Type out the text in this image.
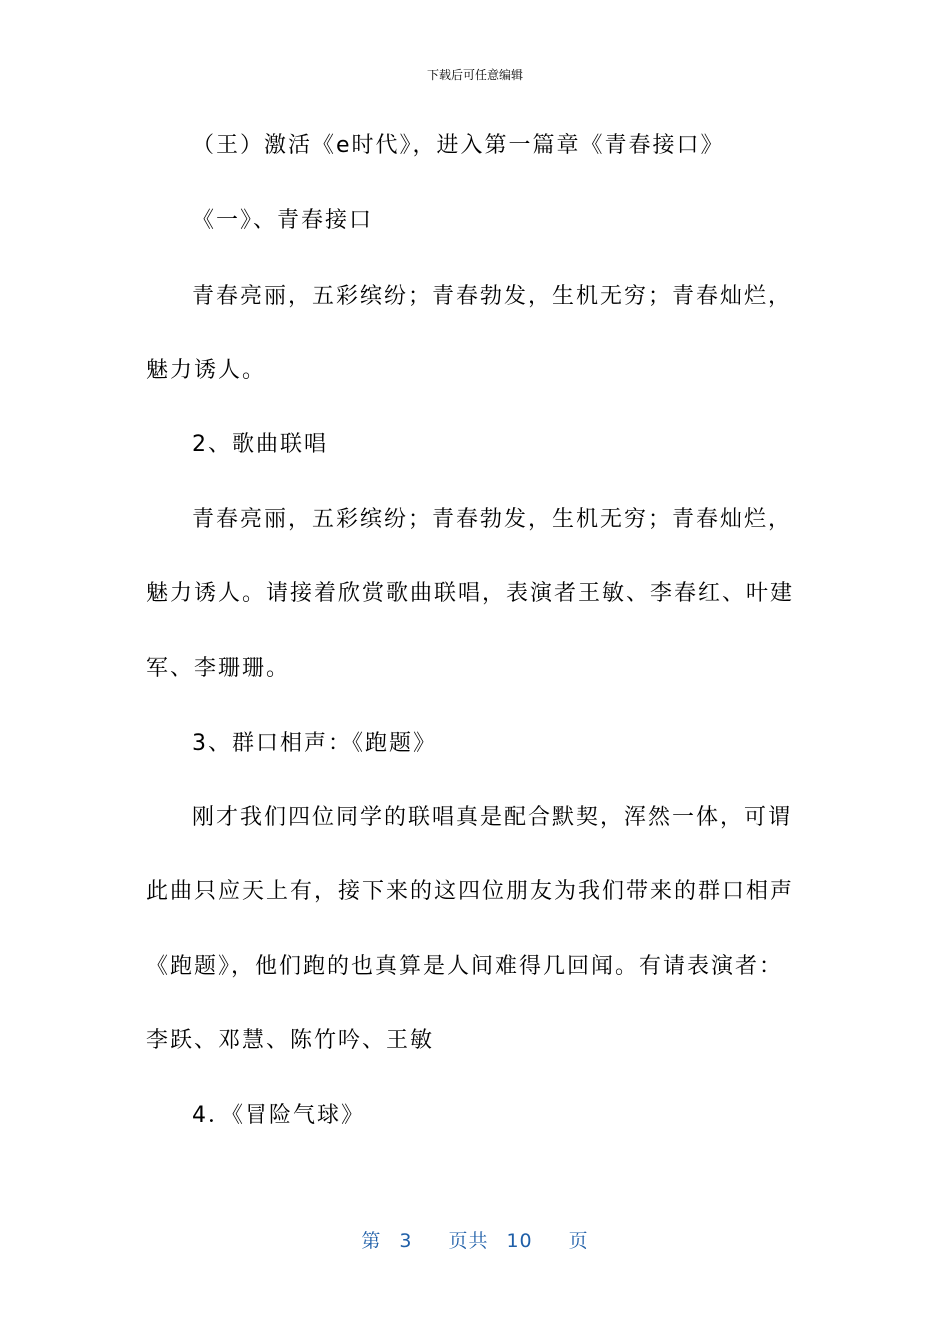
下载后可任意编辑
（王）激活《e时代》，进入第一篇章《青春接口》
《一》、青春接口
青春亮丽，五彩缤纷；青春勃发，生机无穷；青春灿烂，
魅力诱人。
2、歌曲联唱
青春亮丽，五彩缤纷；青春勃发，生机无穷；青春灿烂，
魅力诱人。请接着欣赏歌曲联唱，表演者王敏、李春红、叶建
军、李珊珊。
3、群口相声：《跑题》
刚才我们四位同学的联唱真是配合默契，浑然一体，可谓
此曲只应天上有，接下来的这四位朋友为我们带来的群口相声
《跑题》，他们跑的也真算是人间难得几回闻。有请表演者：
李跃、邓慧、陈竹吟、王敏
4．《冒险气球》
第 3 页共 10 页
